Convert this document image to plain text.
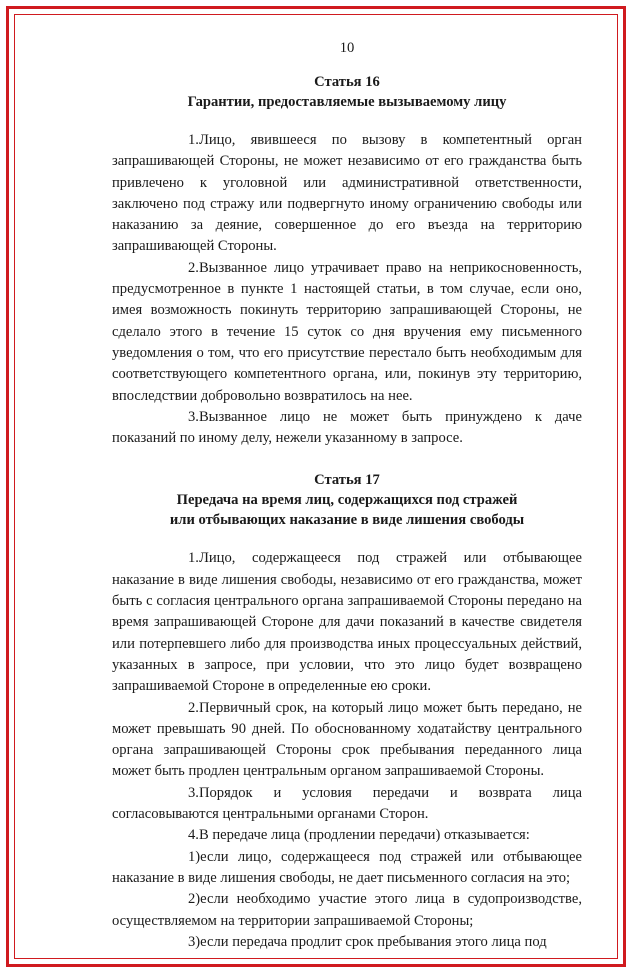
10
Статья 16
Гарантии, предоставляемые вызываемому лицу

1.Лицо, явившееся по вызову в компетентный орган запрашивающей Стороны, не может независимо от его гражданства быть привлечено к уголовной или административной ответственности, заключено под стражу или подвергнуто иному ограничению свободы или наказанию за деяние, совершенное до его въезда на территорию запрашивающей Стороны.

2.Вызванное лицо утрачивает право на неприкосновенность, предусмотренное в пункте 1 настоящей статьи, в том случае, если оно, имея возможность покинуть территорию запрашивающей Стороны, не сделало этого в течение 15 суток со дня вручения ему письменного уведомления о том, что его присутствие перестало быть необходимым для соответствующего компетентного органа, или, покинув эту территорию, впоследствии добровольно возвратилось на нее.

3.Вызванное лицо не может быть принуждено к даче показаний по иному делу, нежели указанному в запросе.

Статья 17
Передача на время лиц, содержащихся под стражей
или отбывающих наказание в виде лишения свободы

1.Лицо, содержащееся под стражей или отбывающее наказание в виде лишения свободы, независимо от его гражданства, может быть с согласия центрального органа запрашиваемой Стороны передано на время запрашивающей Стороне для дачи показаний в качестве свидетеля или потерпевшего либо для производства иных процессуальных действий, указанных в запросе, при условии, что это лицо будет возвращено запрашиваемой Стороне в определенные ею сроки.

2.Первичный срок, на который лицо может быть передано, не может превышать 90 дней. По обоснованному ходатайству центрального органа запрашивающей Стороны срок пребывания переданного лица может быть продлен центральным органом запрашиваемой Стороны.

3.Порядок и условия передачи и возврата лица согласовываются центральными органами Сторон.

4.В передаче лица (продлении передачи) отказывается:

1)если лицо, содержащееся под стражей или отбывающее наказание в виде лишения свободы, не дает письменного согласия на это;

2)если необходимо участие этого лица в судопроизводстве, осуществляемом на территории запрашиваемой Стороны;

3)если передача продлит срок пребывания этого лица под
